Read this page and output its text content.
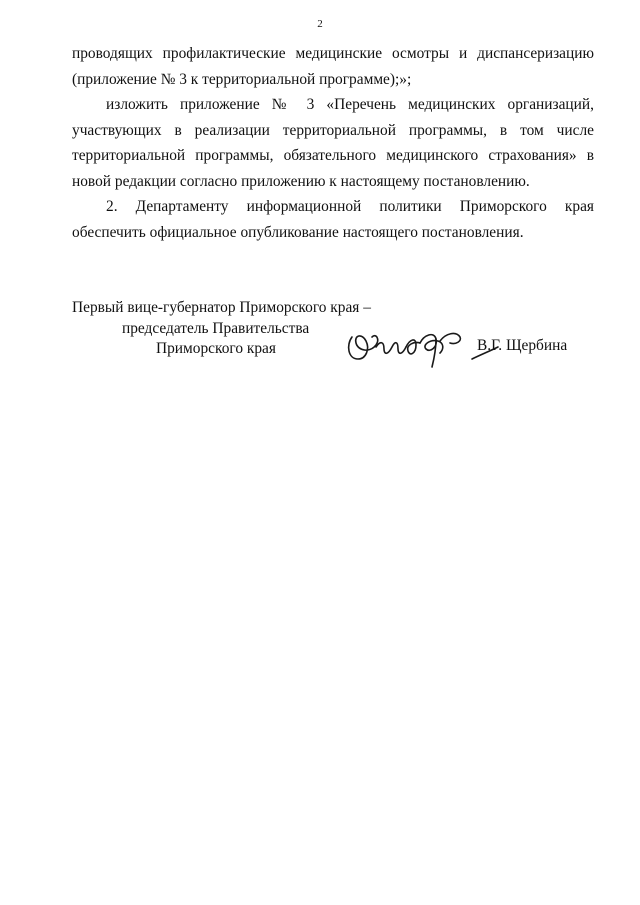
2

проводящих профилактические медицинские осмотры и диспансеризацию (приложение № 3 к территориальной программе);»;

изложить приложение № 3 «Перечень медицинских организаций, участвующих в реализации территориальной программы, в том числе территориальной программы, обязательного медицинского страхования» в новой редакции согласно приложению к настоящему постановлению.

2. Департаменту информационной политики Приморского края обеспечить официальное опубликование настоящего постановления.

Первый вице-губернатор Приморского края –
председатель Правительства
Приморского края	В.Г. Щербина
